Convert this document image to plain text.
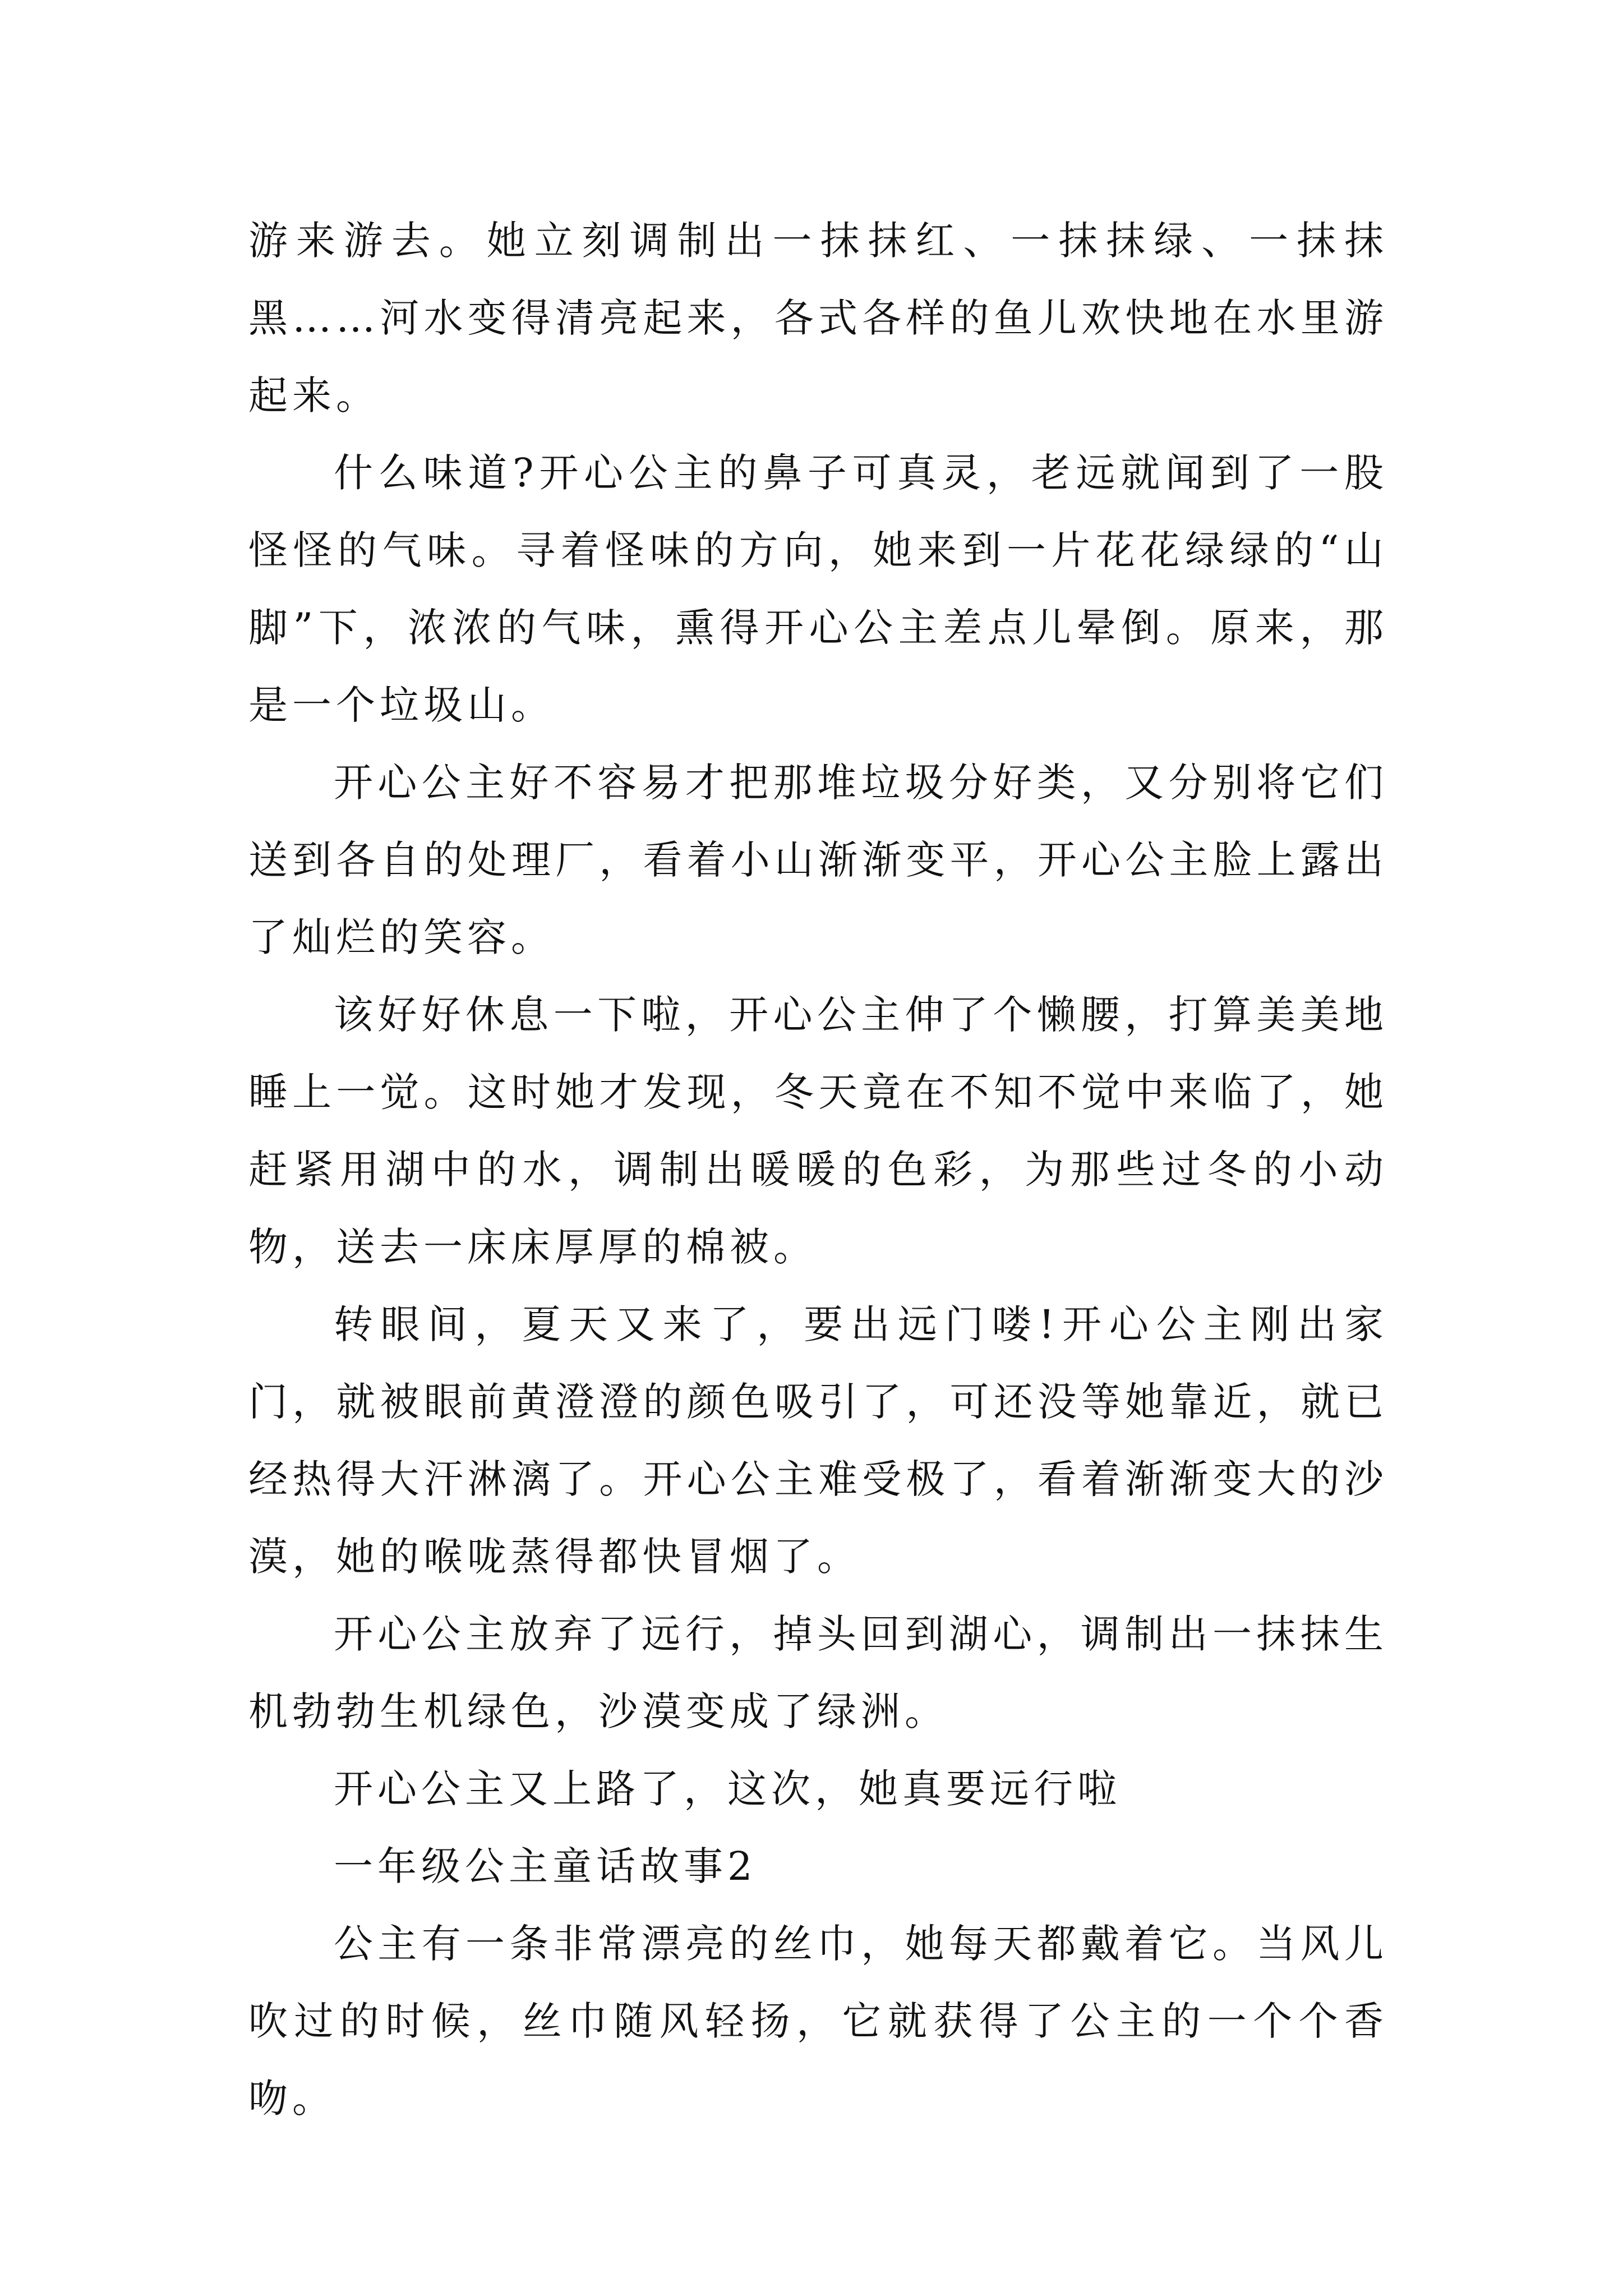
游来游去。她立刻调制出一抹抹红、一抹抹绿、一抹抹黑……河水变得清亮起来，各式各样的鱼儿欢快地在水里游起来。

什么味道?开心公主的鼻子可真灵，老远就闻到了一股怪怪的气味。寻着怪味的方向，她来到一片花花绿绿的“山脚”下，浓浓的气味，熏得开心公主差点儿晕倒。原来，那是一个垃圾山。

开心公主好不容易才把那堆垃圾分好类，又分别将它们送到各自的处理厂，看着小山渐渐变平，开心公主脸上露出了灿烂的笑容。

该好好休息一下啦，开心公主伸了个懒腰，打算美美地睡上一觉。这时她才发现，冬天竟在不知不觉中来临了，她赶紧用湖中的水，调制出暖暖的色彩，为那些过冬的小动物，送去一床床厚厚的棉被。

转眼间，夏天又来了，要出远门喽!开心公主刚出家门，就被眼前黄澄澄的颜色吸引了，可还没等她靠近，就已经热得大汗淋漓了。开心公主难受极了，看着渐渐变大的沙漠，她的喉咙蒸得都快冒烟了。

开心公主放弃了远行，掉头回到湖心，调制出一抹抹生机勃勃生机绿色，沙漠变成了绿洲。

开心公主又上路了，这次，她真要远行啦

一年级公主童话故事2

公主有一条非常漂亮的丝巾，她每天都戴着它。当风儿吹过的时候，丝巾随风轻扬，它就获得了公主的一个个香吻。
